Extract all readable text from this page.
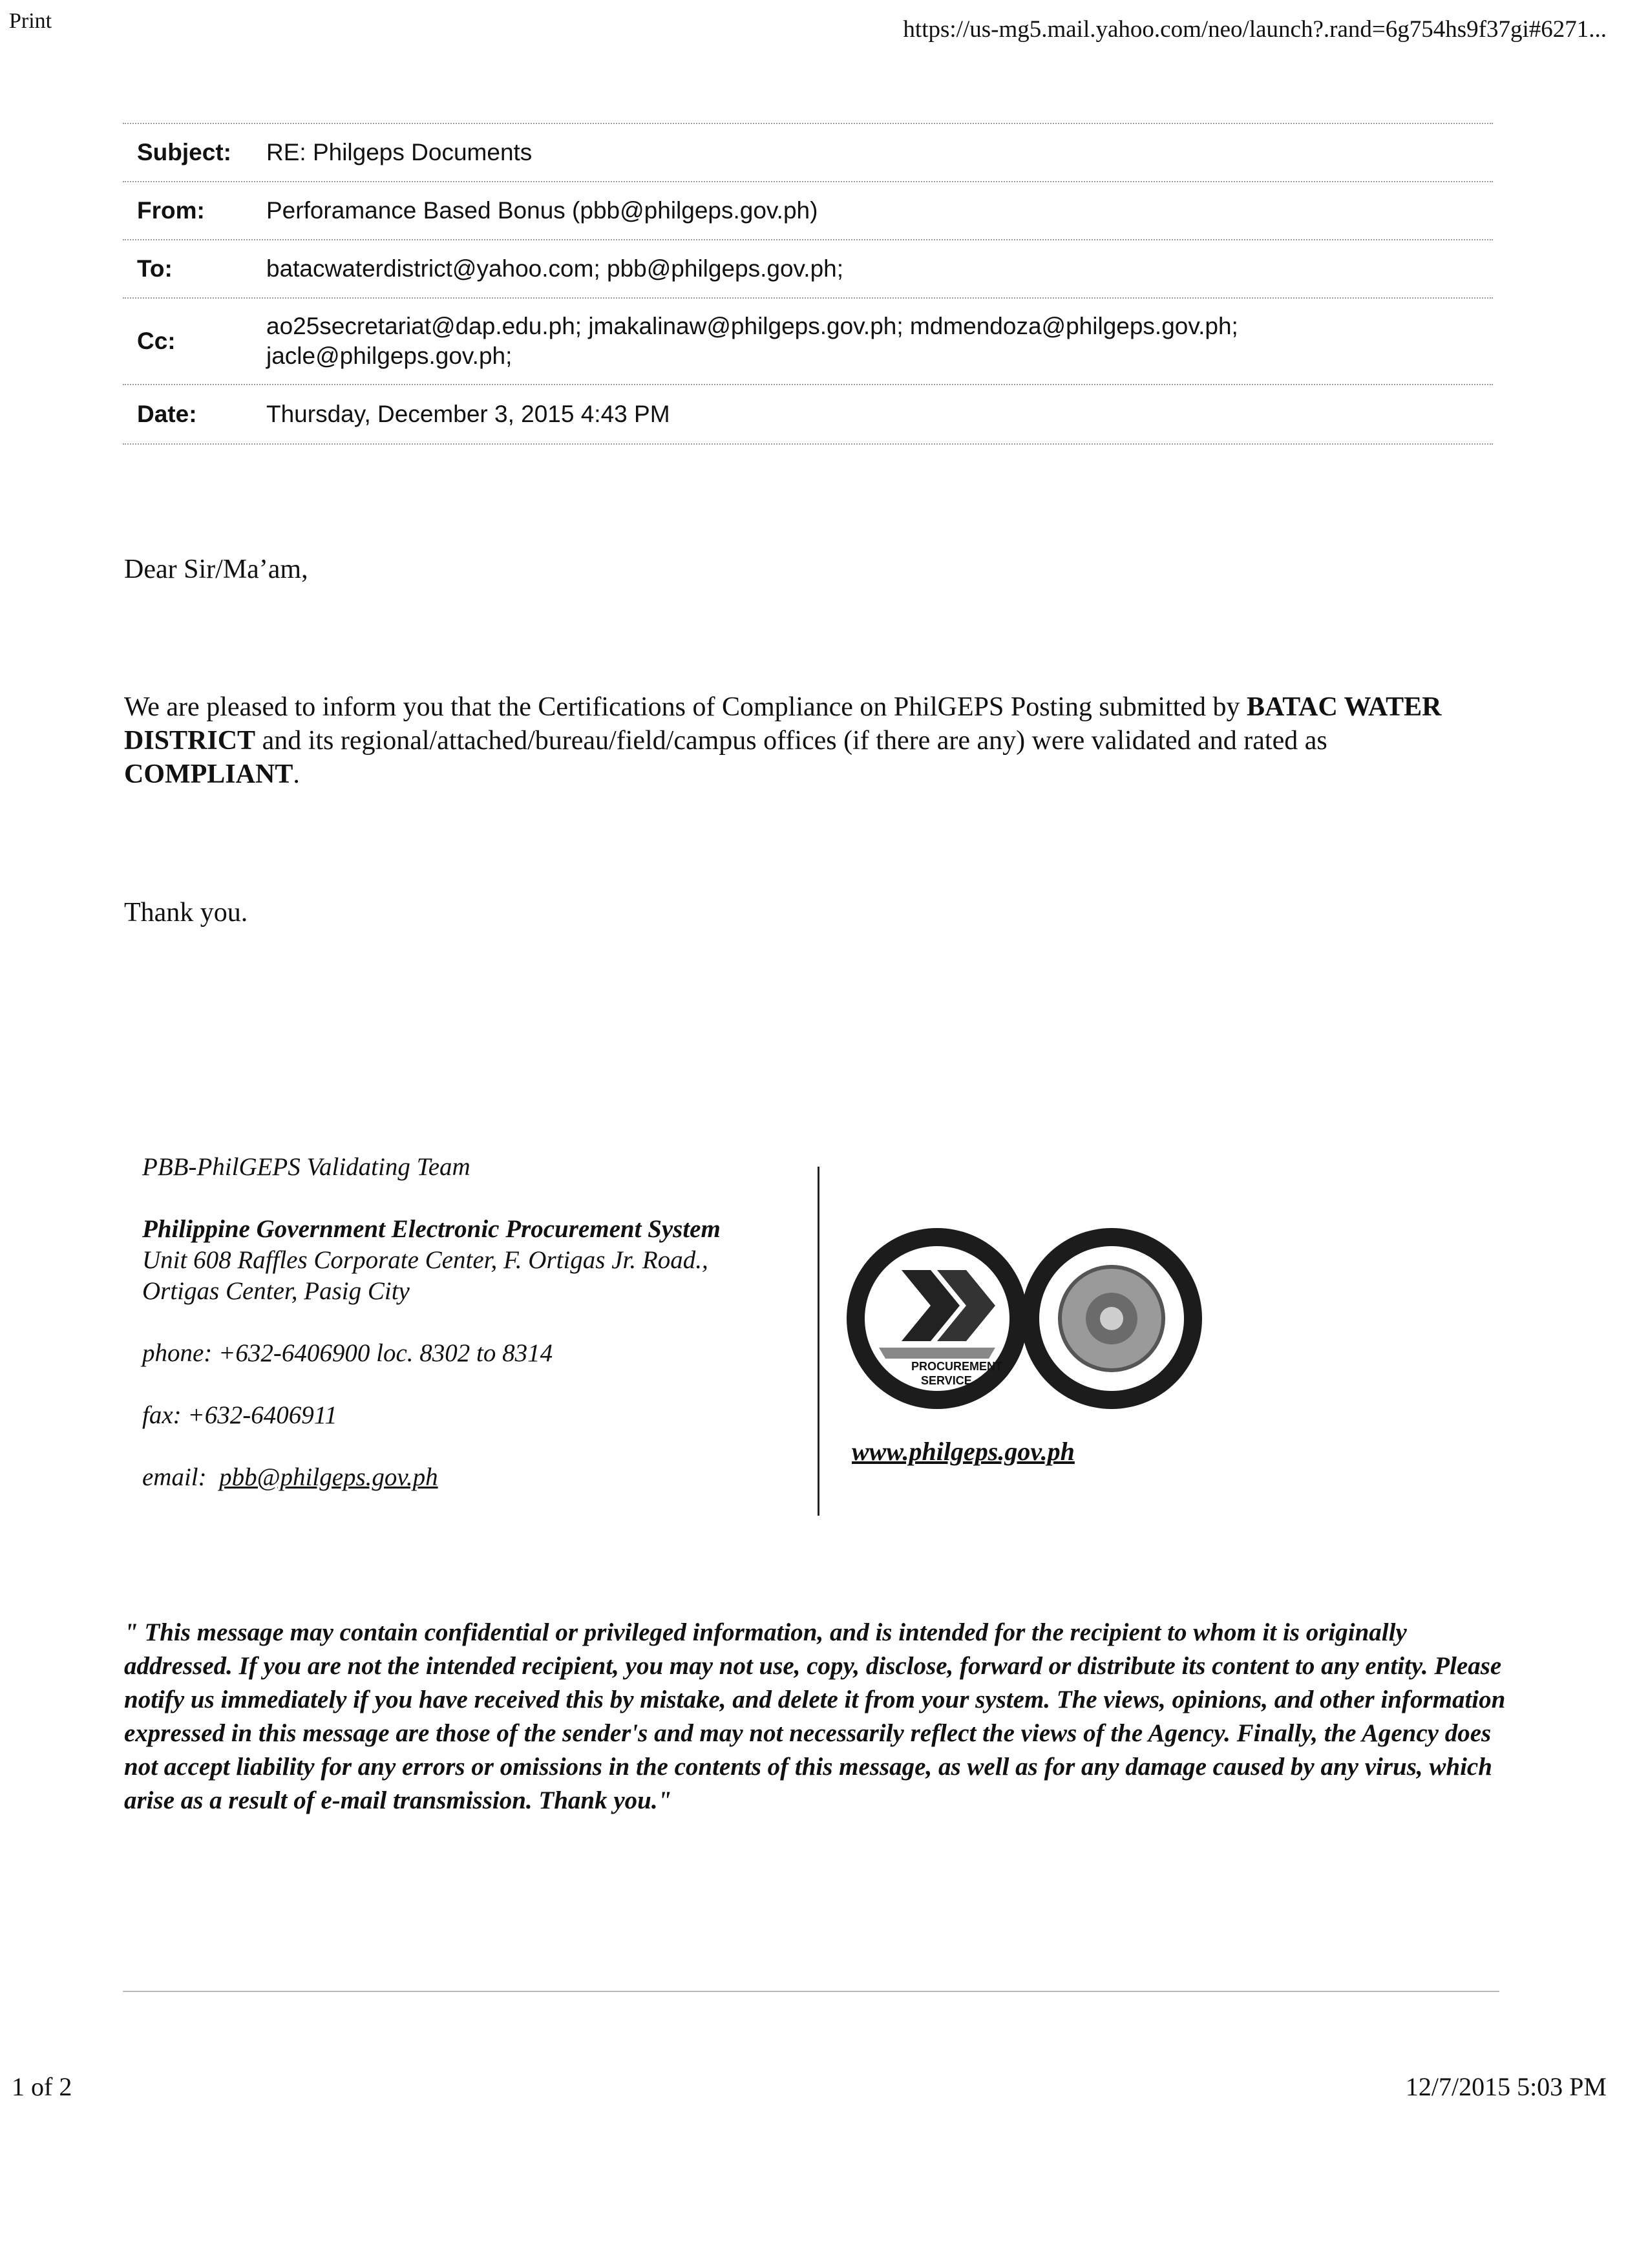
Print	https://us-mg5.mail.yahoo.com/neo/launch?.rand=6g754hs9f37gi#6271...
Subject:	RE: Philgeps Documents
From:	Perforamance Based Bonus (pbb@philgeps.gov.ph)
To:	batacwaterdistrict@yahoo.com; pbb@philgeps.gov.ph;
Cc:
ao25secretariat@dap.edu.ph; jmakalinaw@philgeps.gov.ph; mdmendoza@philgeps.gov.ph;
jacle@philgeps.gov.ph;
Date:	Thursday, December 3, 2015 4:43 PM
Dear Sir/Ma’am,
We are pleased to inform you that the Certifications of Compliance on PhilGEPS Posting submitted by BATAC WATER DISTRICT and its regional/attached/bureau/field/campus offices (if there are any) were validated and rated as COMPLIANT.
Thank you.
PBB-PhilGEPS Validating Team
Philippine Government Electronic Procurement System
Unit 608 Raffles Corporate Center, F. Ortigas Jr. Road.,
Ortigas Center, Pasig City
phone: +632-6406900 loc. 8302 to 8314
fax: +632-6406911
email: pbb@philgeps.gov.ph
PROCUREMENT
SERVICE
www.philgeps.gov.ph
" This message may contain confidential or privileged information, and is intended for the recipient to whom it is originally addressed. If you are not the intended recipient, you may not use, copy, disclose, forward or distribute its content to any entity. Please notify us immediately if you have received this by mistake, and delete it from your system. The views, opinions, and other information expressed in this message are those of the sender's and may not necessarily reflect the views of the Agency. Finally, the Agency does not accept liability for any errors or omissions in the contents of this message, as well as for any damage caused by any virus, which arise as a result of e-mail transmission. Thank you."
1 of 2	12/7/2015 5:03 PM
